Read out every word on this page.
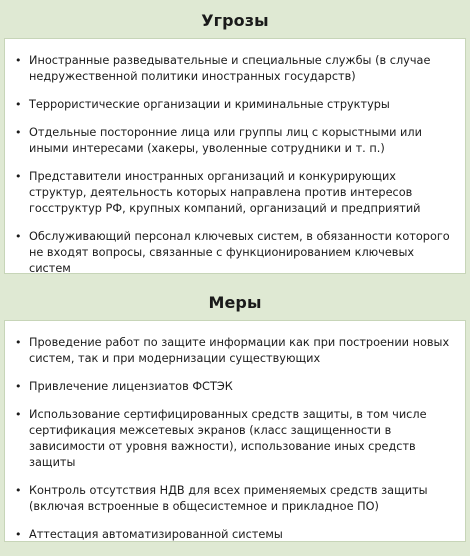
Угрозы
• Иностранные разведывательные и специальные службы (в случае недружественной политики иностранных государств)
• Террористические организации и криминальные структуры
• Отдельные посторонние лица или группы лиц с корыстными или иными интересами (хакеры, уволенные сотрудники и т. п.)
• Представители иностранных организаций и конкурирующих структур, деятельность которых направлена против интересов госструктур РФ, крупных компаний, организаций и предприятий
• Обслуживающий персонал ключевых систем, в обязанности которого не входят вопросы, связанные с функционированием ключевых систем
Меры
• Проведение работ по защите информации как при построении новых систем, так и при модернизации существующих
• Привлечение лицензиатов ФСТЭК
• Использование сертифицированных средств защиты, в том числе сертификация межсетевых экранов (класс защищенности в зависимости от уровня важности), использование иных средств защиты
• Контроль отсутствия НДВ для всех применяемых средств защиты (включая встроенные в общесистемное и прикладное ПО)
• Аттестация автоматизированной системы
